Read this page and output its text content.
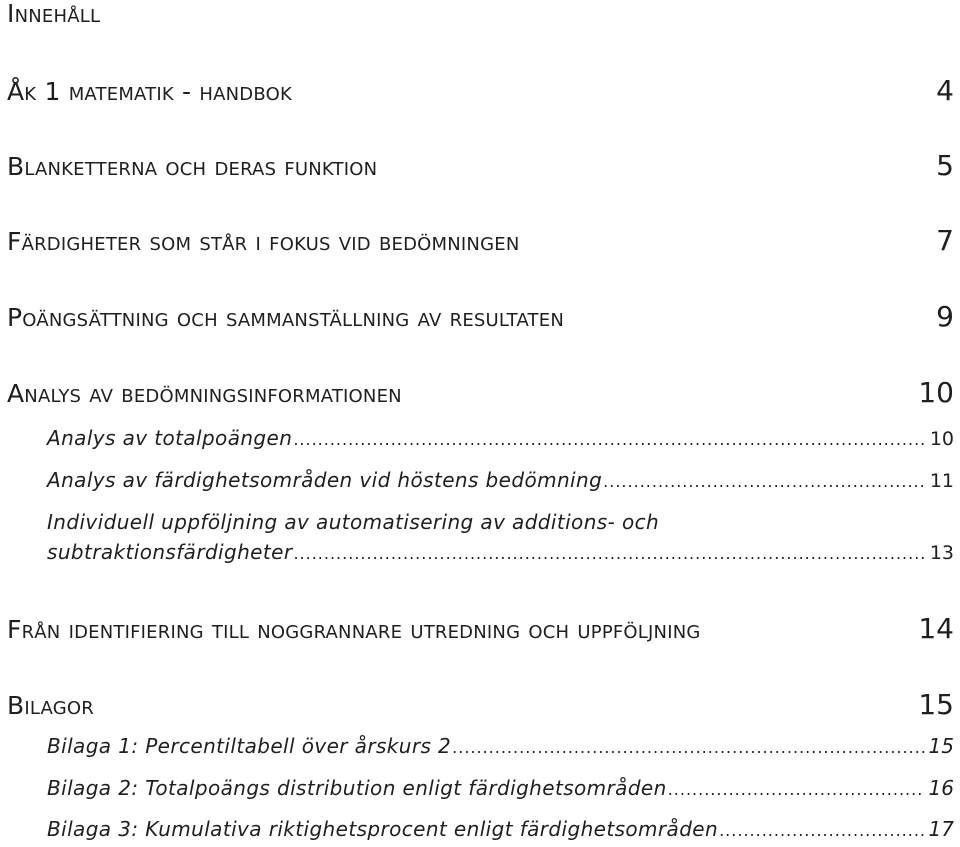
Innehåll
Åk 1 matematik - handbok	4
Blanketterna och deras funktion	5
Färdigheter som står i fokus vid bedömningen	7
Poängsättning och sammanställning av resultaten	9
Analys av bedömningsinformationen	10
Analys av totalpoängen .....	10
Analys av färdighetsområden vid höstens bedömning .....	11
Individuell uppföljning av automatisering av additions- och
subtraktionsfärdigheter .....	13
Från identifiering till noggrannare utredning och uppföljning	14
Bilagor	15
Bilaga 1: Percentiltabell över årskurs 2 .....	15
Bilaga 2: Totalpoängs distribution enligt färdighetsområden .....	16
Bilaga 3: Kumulativa riktighetsprocent enligt färdighetsområden .....	17
